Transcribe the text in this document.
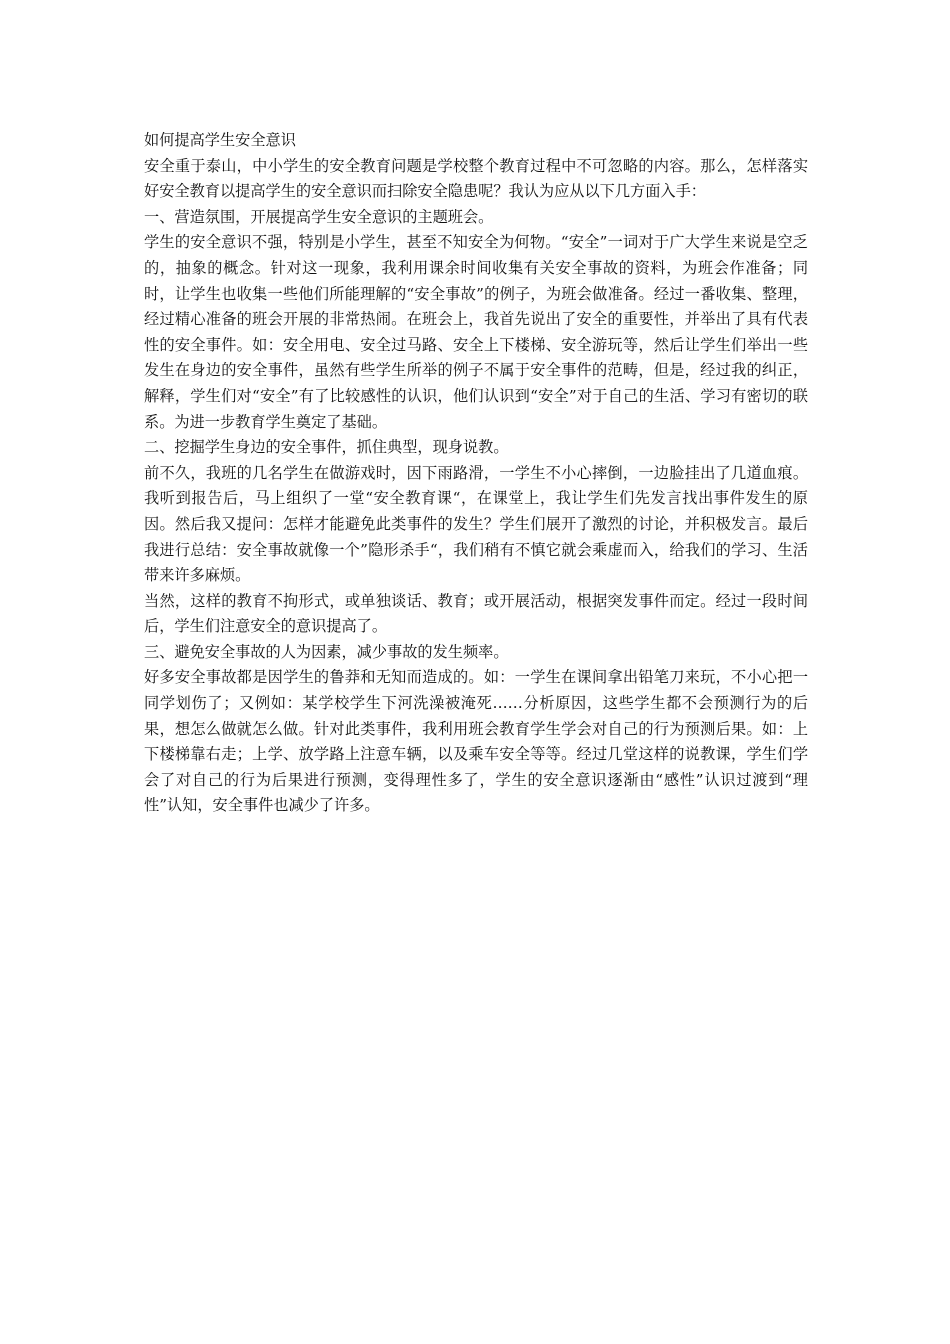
如何提高学生安全意识

安全重于泰山，中小学生的安全教育问题是学校整个教育过程中不可忽略的内容。那么，怎样落实好安全教育以提高学生的安全意识而扫除安全隐患呢？我认为应从以下几方面入手：

一、营造氛围，开展提高学生安全意识的主题班会。

学生的安全意识不强，特别是小学生，甚至不知安全为何物。“安全”一词对于广大学生来说是空乏的，抽象的概念。针对这一现象，我利用课余时间收集有关安全事故的资料，为班会作准备；同时，让学生也收集一些他们所能理解的“安全事故”的例子，为班会做准备。经过一番收集、整理，经过精心准备的班会开展的非常热闹。在班会上，我首先说出了安全的重要性，并举出了具有代表性的安全事件。如：安全用电、安全过马路、安全上下楼梯、安全游玩等，然后让学生们举出一些发生在身边的安全事件，虽然有些学生所举的例子不属于安全事件的范畴，但是，经过我的纠正，解释，学生们对“安全”有了比较感性的认识，他们认识到“安全”对于自己的生活、学习有密切的联系。为进一步教育学生奠定了基础。

二、挖掘学生身边的安全事件，抓住典型，现身说教。

前不久，我班的几名学生在做游戏时，因下雨路滑，一学生不小心摔倒，一边脸挂出了几道血痕。我听到报告后，马上组织了一堂“安全教育课“，在课堂上，我让学生们先发言找出事件发生的原因。然后我又提问：怎样才能避免此类事件的发生？学生们展开了激烈的讨论，并积极发言。最后我进行总结：安全事故就像一个”隐形杀手“，我们稍有不慎它就会乘虚而入，给我们的学习、生活带来许多麻烦。

当然，这样的教育不拘形式，或单独谈话、教育；或开展活动，根据突发事件而定。经过一段时间后，学生们注意安全的意识提高了。

三、避免安全事故的人为因素，减少事故的发生频率。

好多安全事故都是因学生的鲁莽和无知而造成的。如：一学生在课间拿出铅笔刀来玩，不小心把一同学划伤了；又例如：某学校学生下河洗澡被淹死……分析原因，这些学生都不会预测行为的后果，想怎么做就怎么做。针对此类事件，我利用班会教育学生学会对自己的行为预测后果。如：上下楼梯靠右走；上学、放学路上注意车辆，以及乘车安全等等。经过几堂这样的说教课，学生们学会了对自己的行为后果进行预测，变得理性多了，学生的安全意识逐渐由“感性”认识过渡到“理性”认知，安全事件也减少了许多。
